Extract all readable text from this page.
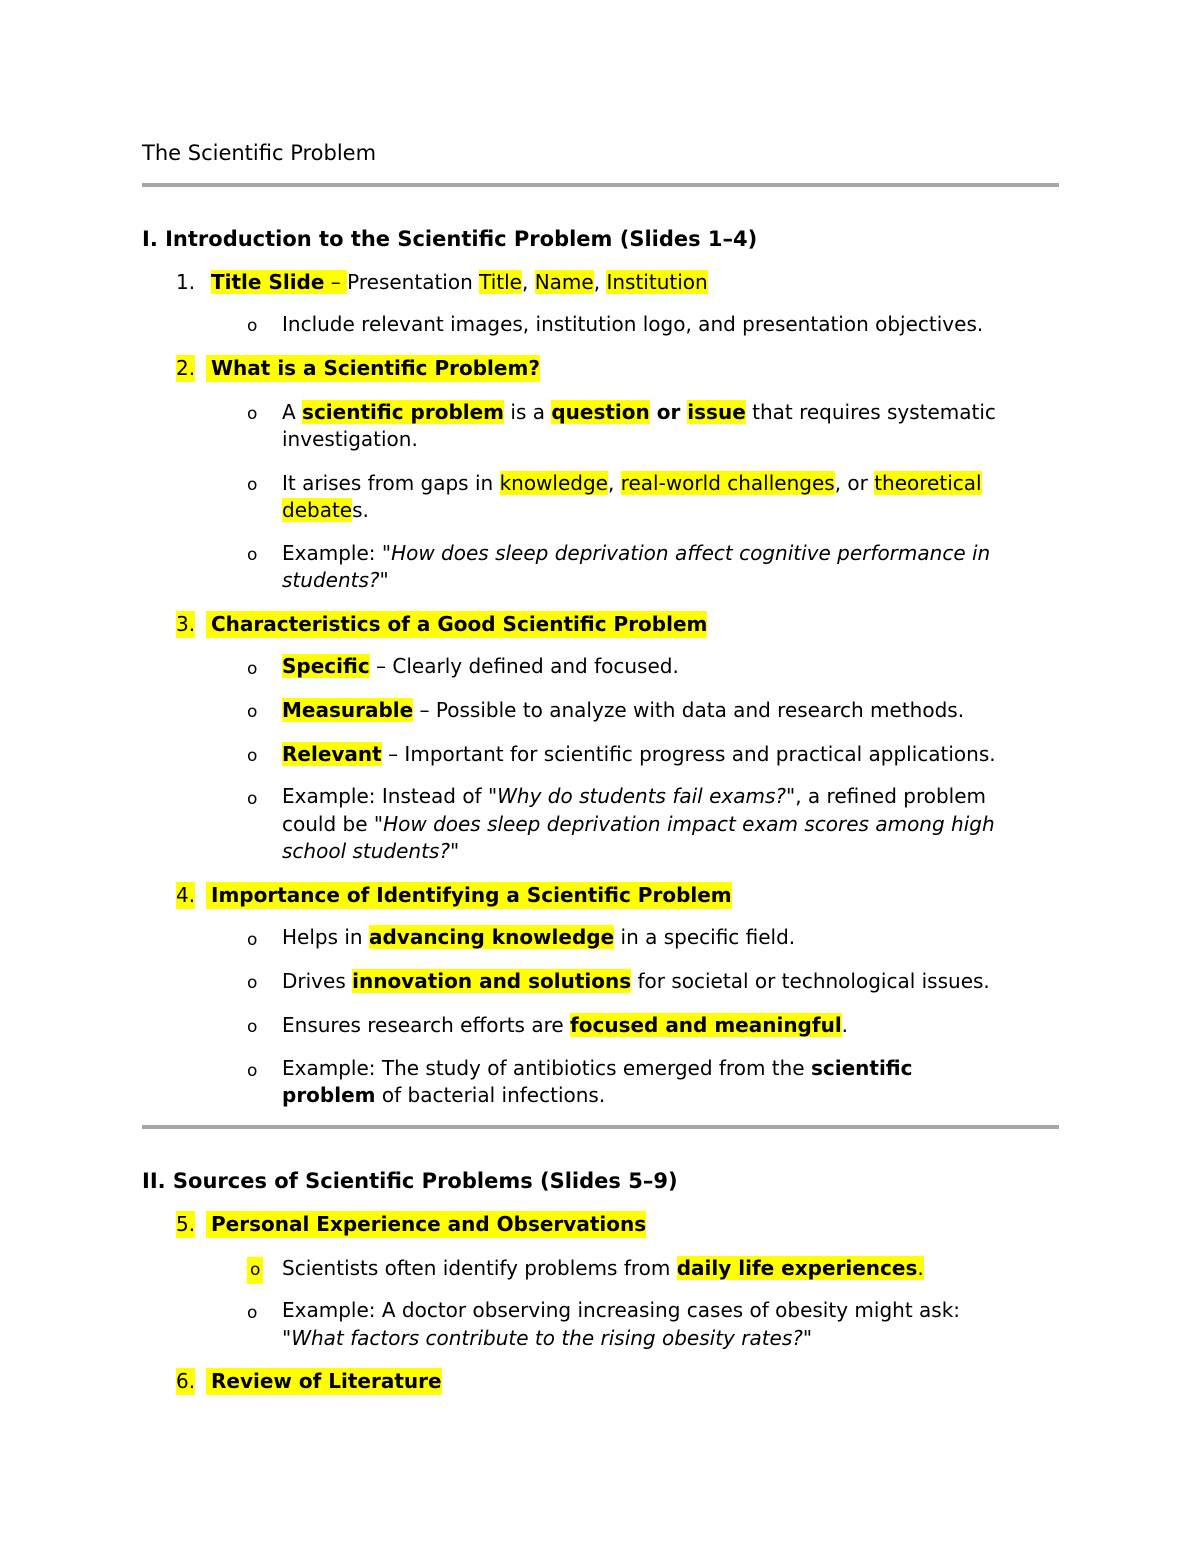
The Scientific Problem
I. Introduction to the Scientific Problem (Slides 1–4)
1. Title Slide – Presentation Title, Name, Institution
o Include relevant images, institution logo, and presentation objectives.
2. What is a Scientific Problem?
o A scientific problem is a question or issue that requires systematic
investigation.
o It arises from gaps in knowledge, real-world challenges, or theoretical
debates.
o Example: "How does sleep deprivation affect cognitive performance in
students?"
3. Characteristics of a Good Scientific Problem
o Specific – Clearly defined and focused.
o Measurable – Possible to analyze with data and research methods.
o Relevant – Important for scientific progress and practical applications.
o Example: Instead of "Why do students fail exams?", a refined problem
could be "How does sleep deprivation impact exam scores among high
school students?"
4. Importance of Identifying a Scientific Problem
o Helps in advancing knowledge in a specific field.
o Drives innovation and solutions for societal or technological issues.
o Ensures research efforts are focused and meaningful.
o Example: The study of antibiotics emerged from the scientific
problem of bacterial infections.
II. Sources of Scientific Problems (Slides 5–9)
5. Personal Experience and Observations
o Scientists often identify problems from daily life experiences.
o Example: A doctor observing increasing cases of obesity might ask:
"What factors contribute to the rising obesity rates?"
6. Review of Literature
